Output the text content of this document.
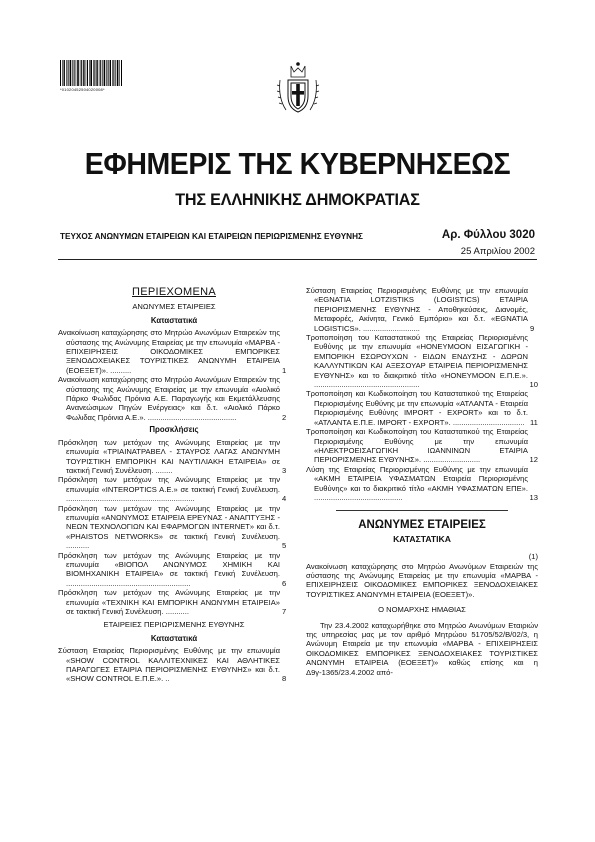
*01020452504020008*
ΕΦΗΜΕΡΙΣ ΤΗΣ ΚΥΒΕΡΝΗΣΕΩΣ
ΤΗΣ ΕΛΛΗΝΙΚΗΣ ΔΗΜΟΚΡΑΤΙΑΣ
ΤΕΥΧΟΣ ΑΝΩΝΥΜΩΝ ΕΤΑΙΡΕΙΩΝ ΚΑΙ ΕΤΑΙΡΕΙΩΝ ΠΕΡΙΩΡΙΣΜΕΝΗΣ ΕΥΘΥΝΗΣ	Αρ. Φύλλου 3020
25 Απριλίου 2002
ΠΕΡΙΕΧΟΜΕΝΑ
ΑΝΩΝΥΜΕΣ ΕΤΑΙΡΕΙΕΣ
Καταστατικά
Ανακοίνωση καταχώρησης στο Μητρώο Ανωνύμων Εταιρειών της σύστασης της Ανώνυμης Εταιρείας με την επωνυμία «ΜΑΡΒΑ - ΕΠΙΧΕΙΡΗΣΕΙΣ ΟΙΚΟΔΟΜΙΚΕΣ ΕΜΠΟΡΙΚΕΣ ΞΕΝΟΔΟΧΕΙΑΚΕΣ ΤΟΥΡΙΣΤΙΚΕΣ ΑΝΩΝΥΜΗ ΕΤΑΙΡΕΙΑ (ΕΟΕΞΕΤ)». ..........	1
Ανακοίνωση καταχώρησης στο Μητρώο Ανωνύμων Εταιρειών της σύστασης της Ανώνυμης Εταιρείας με την επωνυμία «Αιολικό Πάρκο Φωλιδας Πρόινια Α.Ε. Παραγωγής και Εκμετάλλευσης Ανανεώσιμων Πηγών Ενέργειας» και δ.τ. «Αιολικό Πάρκο Φωλιδας Πρόινια Α.Ε.». ..........................................	2
Προσκλήσεις
Πρόσκληση των μετόχων της Ανώνυμης Εταιρείας με την επωνυμία «ΤΡΙΑΙΝΑΤΡΑΒΕΛ - ΣΤΑΥΡΟΣ ΛΑΓΑΣ ΑΝΩΝΥΜΗ ΤΟΥΡΙΣΤΙΚΗ ΕΜΠΟΡΙΚΗ ΚΑΙ ΝΑΥΤΙΛΙΑΚΗ ΕΤΑΙΡΕΙΑ» σε τακτική Γενική Συνέλευση. ........	3
Πρόσκληση των μετόχων της Ανώνυμης Εταιρείας με την επωνυμία «INTEROPTICS A.E.» σε τακτική Γενική Συνέλευση. .............................................................	4
Πρόσκληση των μετόχων της Ανώνυμης Εταιρείας με την επωνυμία «ΑΝΩΝΥΜΟΣ ΕΤΑΙΡΕΙΑ ΕΡΕΥΝΑΣ - ΑΝΑΠΤΥΞΗΣ - ΝΕΩΝ ΤΕΧΝΟΛΟΓΙΩΝ ΚΑΙ ΕΦΑΡΜΟΓΩΝ INTERNET» και δ.τ. «PHAISTOS NETWORKS» σε τακτική Γενική Συνέλευση. ...........	5
Πρόσκληση των μετόχων της Ανώνυμης Εταιρείας με την επωνυμία «ΒΙΟΠΟΛ ΑΝΩΝΥΜΟΣ ΧΗΜΙΚΗ ΚΑΙ ΒΙΟΜΗΧΑΝΙΚΗ ΕΤΑΙΡΕΙΑ» σε τακτική Γενική Συνέλευση. ...........................................................	6
Πρόσκληση των μετόχων της Ανώνυμης Εταιρείας με την επωνυμία «ΤΕΧΝΙΚΗ ΚΑΙ ΕΜΠΟΡΙΚΗ ΑΝΩΝΥΜΗ ΕΤΑΙΡΕΙΑ» σε τακτική Γενική Συνέλευση. ...........	7
ΕΤΑΙΡΕΙΕΣ ΠΕΡΙΩΡΙΣΜΕΝΗΣ ΕΥΘΥΝΗΣ
Καταστατικά
Σύσταση Εταιρείας Περιορισμένης Ευθύνης με την επωνυμία «SHOW CONTROL ΚΑΛΛΙΤΕΧΝΙΚΕΣ ΚΑΙ ΑΘΛΗΤΙΚΕΣ ΠΑΡΑΓΩΓΕΣ ΕΤΑΙΡΙΑ ΠΕΡΙΟΡΙΣΜΕΝΗΣ ΕΥΘΥΝΗΣ» και δ.τ. «SHOW CONTROL Ε.Π.Ε.». ..	8
Σύσταση Εταιρείας Περιορισμένης Ευθύνης με την επωνυμία «EGNATIA LOTZISTIKS (LOGISTICS) ΕΤΑΙΡΙΑ ΠΕΡΙΟΡΙΣΜΕΝΗΣ ΕΥΘΥΝΗΣ - Αποθηκεύσεις, Διανομές, Μεταφορές, Ακίνητα, Γενικό Εμπόριο» και δ.τ. «EGNATIA LOGISTICS». ...........................	9
Τροποποίηση του Καταστατικού της Εταιρείας Περιορισμένης Ευθύνης με την επωνυμία «HONEYMOON ΕΙΣΑΓΩΓΙΚΗ - ΕΜΠΟΡΙΚΗ ΕΣΩΡΟΥΧΩΝ - ΕΙΔΩΝ ΕΝΔΥΣΗΣ - ΔΩΡΩΝ ΚΑΛΛΥΝΤΙΚΩΝ ΚΑΙ ΑΞΕΣΟΥΑΡ ΕΤΑΙΡΕΙΑ ΠΕΡΙΟΡΙΣΜΕΝΗΣ ΕΥΘΥΝΗΣ» και το διακριτικό τίτλο «HONEYMOON Ε.Π.Ε.». ..................................................	10
Τροποποίηση και Κωδικοποίηση του Καταστατικού της Εταιρείας Περιορισμένης Ευθύνης με την επωνυμία «ΑΤΛΑΝΤΑ - Εταιρεία Περιορισμένης Ευθύνης IMPORT - EXPORT» και το δ.τ. «ΑΤΛΑΝΤΑ Ε.Π.Ε. IMPORT - EXPORT». .................................. 11
Τροποποίηση και Κωδικοποίηση του Καταστατικού της Εταιρείας Περιορισμένης Ευθύνης με την επωνυμία «ΗΛΕΚΤΡΟΕΙΣΑΓΩΓΙΚΗ ΙΩΑΝΝΙΝΩΝ ΕΤΑΙΡΙΑ ΠΕΡΙΟΡΙΣΜΕΝΗΣ ΕΥΘΥΝΗΣ». ...........................	12
Λύση της Εταιρείας Περιορισμένης Ευθύνης με την επωνυμία «ΑΚΜΗ ΕΤΑΙΡΕΙΑ ΥΦΑΣΜΑΤΩΝ Εταιρεία Περιορισμένης Ευθύνης» και το διακριτικό τίτλο «ΑΚΜΗ ΥΦΑΣΜΑΤΩΝ ΕΠΕ». ..........................................	13
ΑΝΩΝΥΜΕΣ ΕΤΑΙΡΕΙΕΣ
ΚΑΤΑΣΤΑΤΙΚΑ
(1)
Ανακοίνωση καταχώρησης στο Μητρώο Ανωνύμων Εταιρειών της σύστασης της Ανώνυμης Εταιρείας με την επωνυμία «ΜΑΡΒΑ - ΕΠΙΧΕΙΡΗΣΕΙΣ ΟΙΚΟΔΟΜΙΚΕΣ ΕΜΠΟΡΙΚΕΣ ΞΕΝΟΔΟΧΕΙΑΚΕΣ ΤΟΥΡΙΣΤΙΚΕΣ ΑΝΩΝΥΜΗ ΕΤΑΙΡΕΙΑ (ΕΟΕΞΕΤ)».
Ο ΝΟΜΑΡΧΗΣ ΗΜΑΘΙΑΣ
Την 23.4.2002 καταχωρήθηκε στο Μητρώο Ανωνύμων Εταιριών της υπηρεσίας μας με τον αριθμό Μητρώου 51705/52/Β/02/3, η Ανώνυμη Εταιρεία με την επωνυμία «ΜΑΡΒΑ - ΕΠΙΧΕΙΡΗΣΕΙΣ ΟΙΚΟΔΟΜΙΚΕΣ ΕΜΠΟΡΙΚΕΣ ΞΕΝΟΔΟΧΕΙΑΚΕΣ ΤΟΥΡΙΣΤΙΚΕΣ ΑΝΩΝΥΜΗ ΕΤΑΙΡΕΙΑ (ΕΟΕΞΕΤ)» καθώς επίσης και η Δ9γ-1365/23.4.2002 από-
